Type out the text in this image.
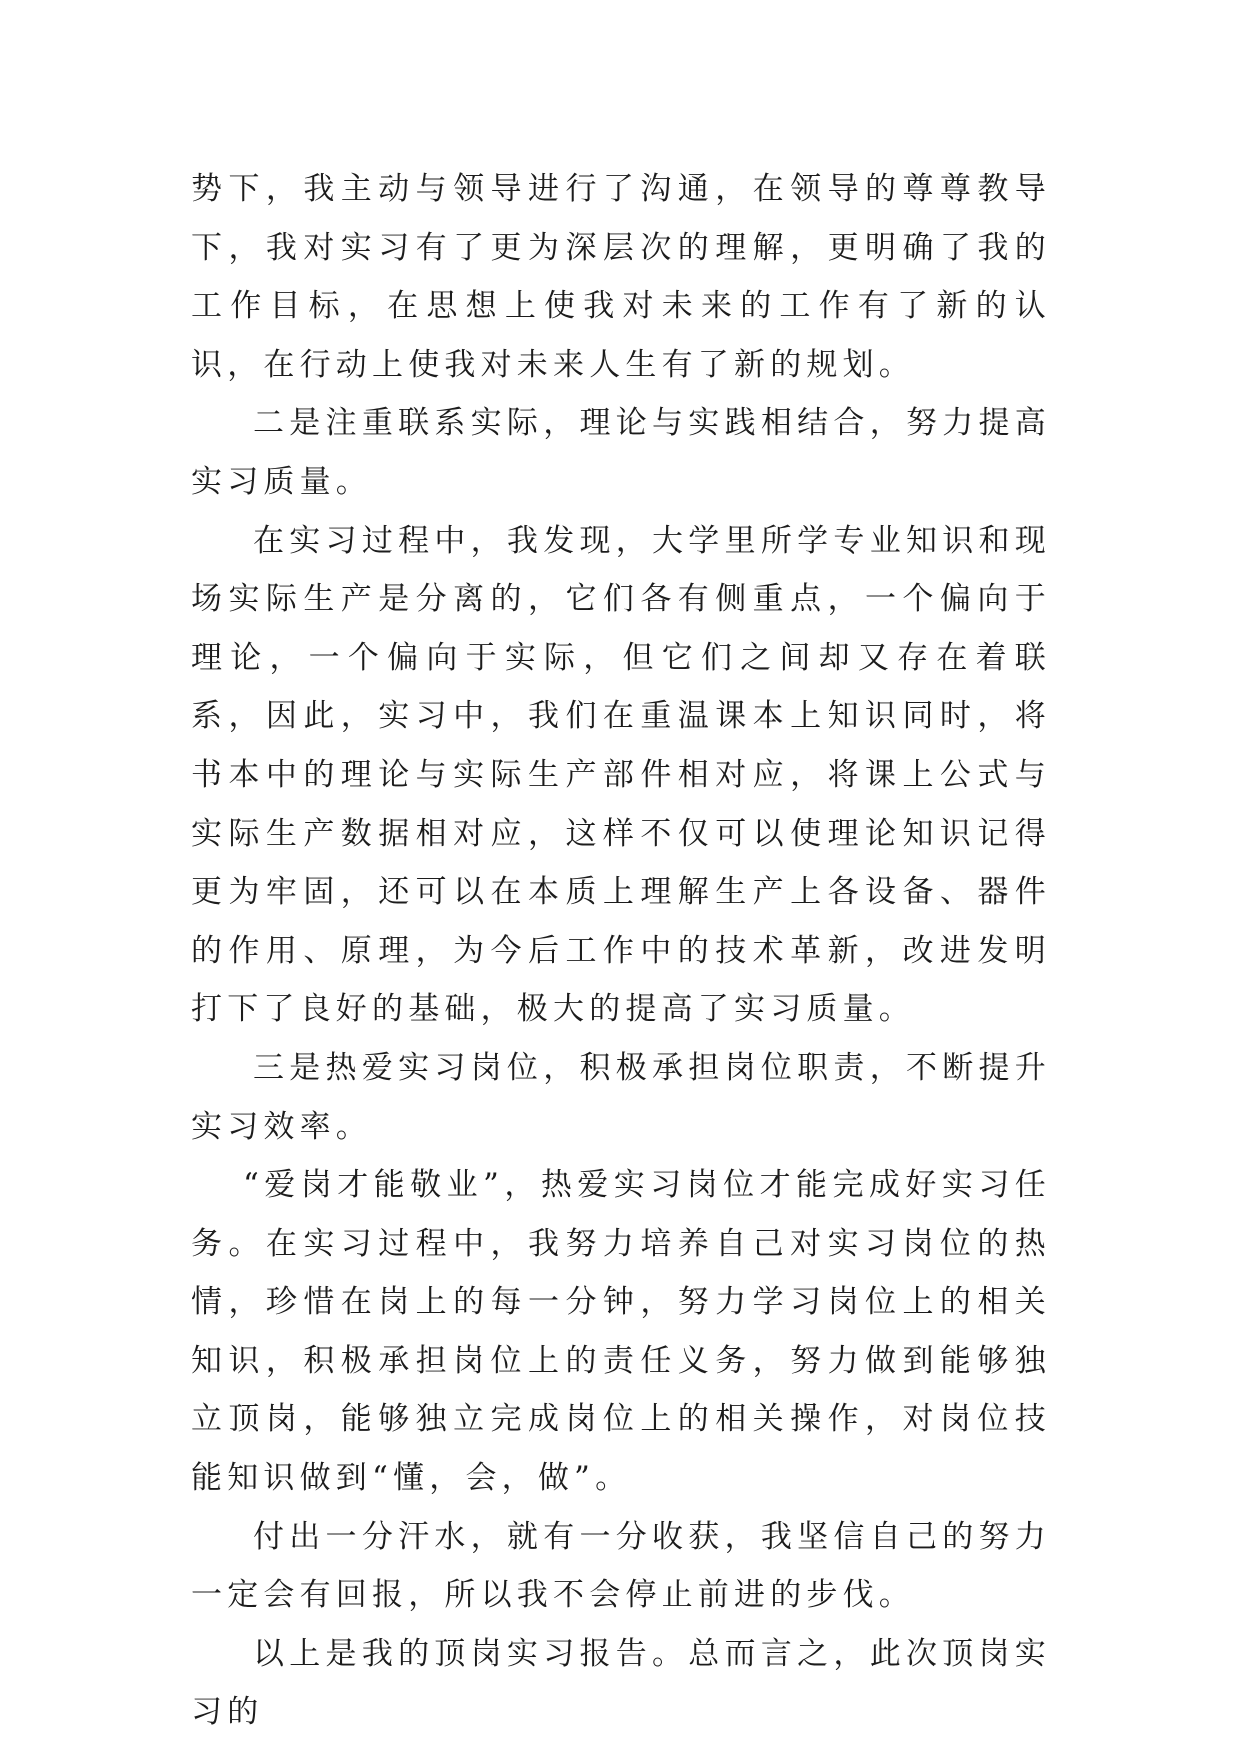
势下，我主动与领导进行了沟通，在领导的尊尊教导下，我对实习有了更为深层次的理解，更明确了我的工作目标，在思想上使我对未来的工作有了新的认识，在行动上使我对未来人生有了新的规划。

二是注重联系实际，理论与实践相结合，努力提高实习质量。

在实习过程中，我发现，大学里所学专业知识和现场实际生产是分离的，它们各有侧重点，一个偏向于理论，一个偏向于实际，但它们之间却又存在着联系，因此，实习中，我们在重温课本上知识同时，将书本中的理论与实际生产部件相对应，将课上公式与实际生产数据相对应，这样不仅可以使理论知识记得更为牢固，还可以在本质上理解生产上各设备、器件的作用、原理，为今后工作中的技术革新，改进发明打下了良好的基础，极大的提高了实习质量。

三是热爱实习岗位，积极承担岗位职责，不断提升实习效率。

“爱岗才能敬业”，热爱实习岗位才能完成好实习任务。在实习过程中，我努力培养自己对实习岗位的热情，珍惜在岗上的每一分钟，努力学习岗位上的相关知识，积极承担岗位上的责任义务，努力做到能够独立顶岗，能够独立完成岗位上的相关操作，对岗位技能知识做到“懂，会，做”。

付出一分汗水，就有一分收获，我坚信自己的努力一定会有回报，所以我不会停止前进的步伐。

以上是我的顶岗实习报告。总而言之，此次顶岗实习的
